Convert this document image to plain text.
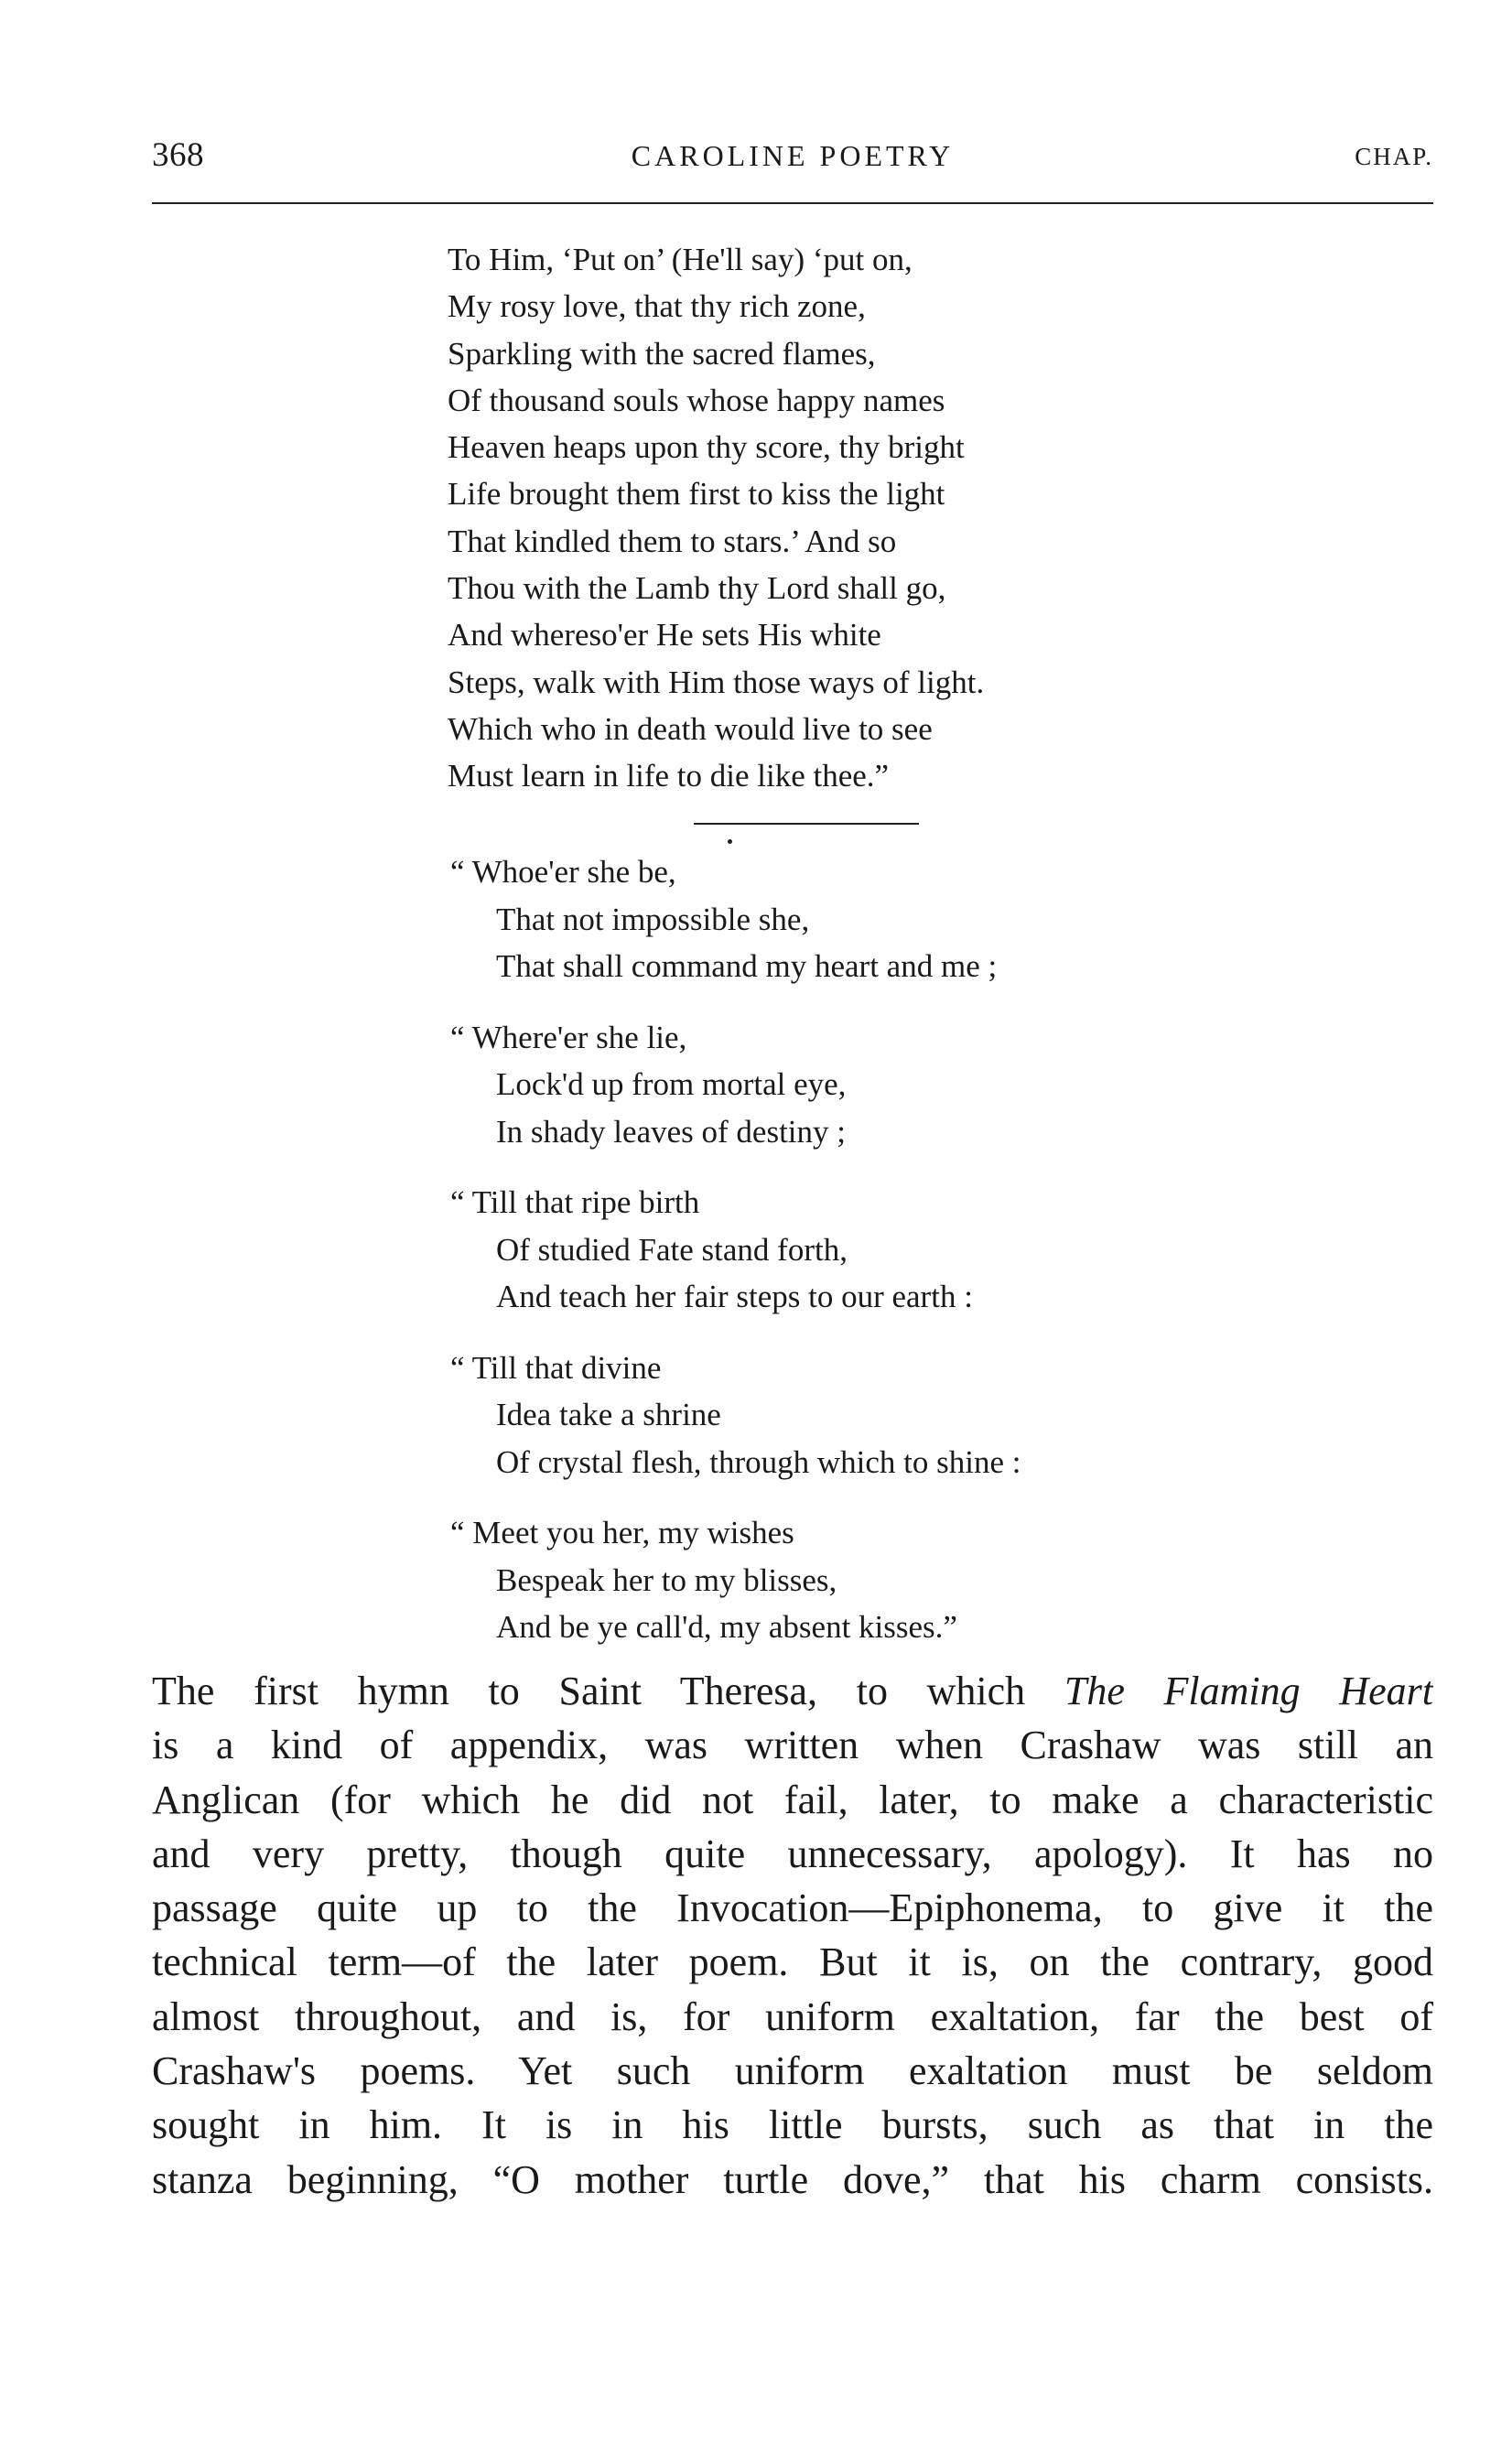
368	CAROLINE POETRY	CHAP.
To Him, ‘Put on’ (He'll say) ‘put on,
My rosy love, that thy rich zone,
Sparkling with the sacred flames,
Of thousand souls whose happy names
Heaven heaps upon thy score, thy bright
Life brought them first to kiss the light
That kindled them to stars.’ And so
Thou with the Lamb thy Lord shall go,
And whereso'er He sets His white
Steps, walk with Him those ways of light.
Which who in death would live to see
Must learn in life to die like thee.”
“ Whoe'er she be,
That not impossible she,
That shall command my heart and me ;
“ Where'er she lie,
Lock'd up from mortal eye,
In shady leaves of destiny ;
“ Till that ripe birth
Of studied Fate stand forth,
And teach her fair steps to our earth :
“ Till that divine
Idea take a shrine
Of crystal flesh, through which to shine :
“ Meet you her, my wishes
Bespeak her to my blisses,
And be ye call'd, my absent kisses.”
The first hymn to Saint Theresa, to which The Flaming Heart
is a kind of appendix, was written when Crashaw was still an
Anglican (for which he did not fail, later, to make a characteristic
and very pretty, though quite unnecessary, apology). It has no
passage quite up to the Invocation—Epiphonema, to give it the
technical term—of the later poem. But it is, on the contrary, good
almost throughout, and is, for uniform exaltation, far the best of
Crashaw's poems. Yet such uniform exaltation must be seldom
sought in him. It is in his little bursts, such as that in the
stanza beginning, “O mother turtle dove,” that his charm consists.
